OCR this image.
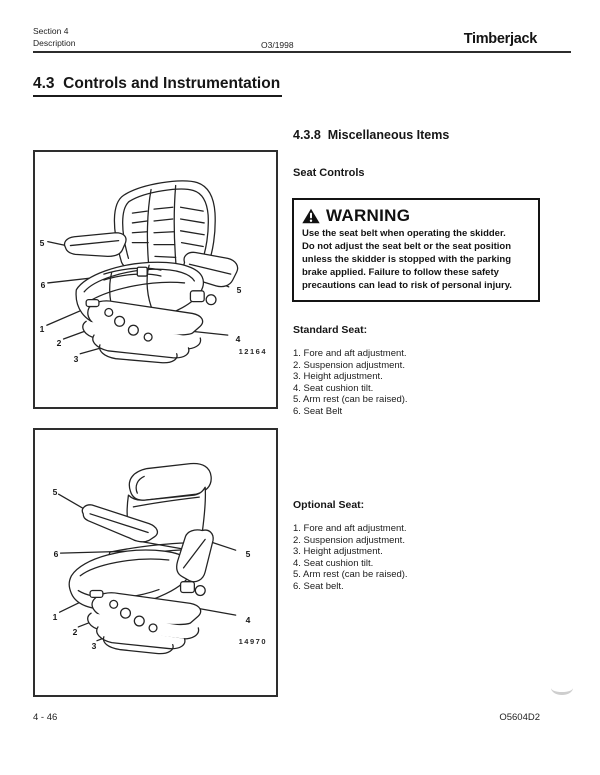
Section 4
Description	O3/1998	Timberjack
4.3  Controls and Instrumentation
5
6
1
2
3
4
5
12164
5
6
1
2
3
5
4
14970
4.3.8  Miscellaneous Items
Seat Controls
WARNING
Use the seat belt when operating the skidder.
Do not adjust the seat belt or the seat position
unless the skidder is stopped with the parking
brake applied. Failure to follow these safety
precautions can lead to risk of personal injury.
Standard Seat:
1. Fore and aft adjustment.
2. Suspension adjustment.
3. Height adjustment.
4. Seat cushion tilt.
5. Arm rest (can be raised).
6. Seat Belt
Optional Seat:
1. Fore and aft adjustment.
2. Suspension adjustment.
3. Height adjustment.
4. Seat cushion tilt.
5. Arm rest (can be raised).
6. Seat belt.
4 - 46	O5604D2
